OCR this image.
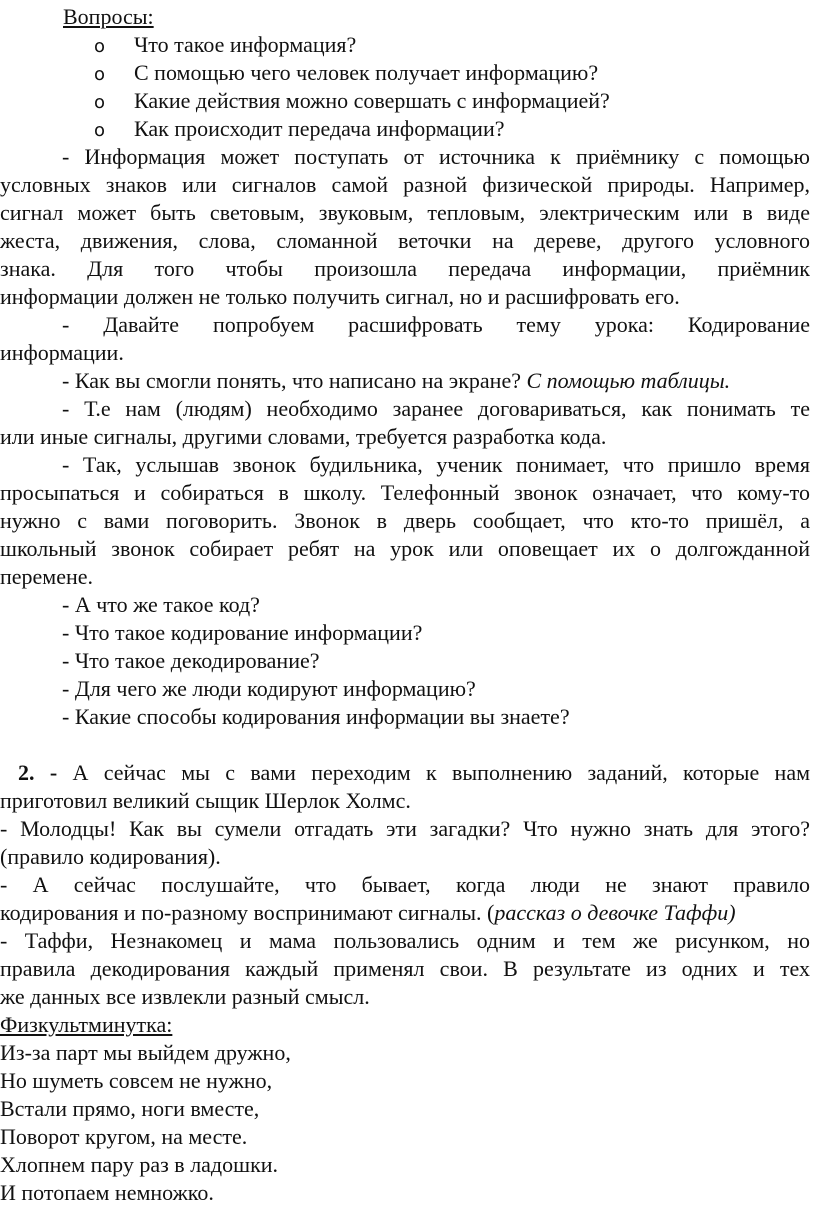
Вопросы:
o Что такое информация?
o С помощью чего человек получает информацию?
o Какие действия можно совершать с информацией?
o Как происходит передача информации?
- Информация может поступать от источника к приёмнику с помощью
условных знаков или сигналов самой разной физической природы. Например,
сигнал может быть световым, звуковым, тепловым, электрическим или в виде
жеста, движения, слова, сломанной веточки на дереве, другого условного
знака. Для того чтобы произошла передача информации, приёмник
информации должен не только получить сигнал, но и расшифровать его.
- Давайте попробуем расшифровать тему урока: Кодирование
информации.
- Как вы смогли понять, что написано на экране? С помощью таблицы.
- Т.е нам (людям) необходимо заранее договариваться, как понимать те
или иные сигналы, другими словами, требуется разработка кода.
- Так, услышав звонок будильника, ученик понимает, что пришло время
просыпаться и собираться в школу. Телефонный звонок означает, что кому-то
нужно с вами поговорить. Звонок в дверь сообщает, что кто-то пришёл, а
школьный звонок собирает ребят на урок или оповещает их о долгожданной
перемене.
- А что же такое код?
- Что такое кодирование информации?
- Что такое декодирование?
- Для чего же люди кодируют информацию?
- Какие способы кодирования информации вы знаете?
2. - А сейчас мы с вами переходим к выполнению заданий, которые нам
приготовил великий сыщик Шерлок Холмс.
- Молодцы! Как вы сумели отгадать эти загадки? Что нужно знать для этого?
(правило кодирования).
- А сейчас послушайте, что бывает, когда люди не знают правило
кодирования и по-разному воспринимают сигналы. (рассказ о девочке Таффи)
- Таффи, Незнакомец и мама пользовались одним и тем же рисунком, но
правила декодирования каждый применял свои. В результате из одних и тех
же данных все извлекли разный смысл.
Физкультминутка:
Из-за парт мы выйдем дружно,
Но шуметь совсем не нужно,
Встали прямо, ноги вместе,
Поворот кругом, на месте.
Хлопнем пару раз в ладошки.
И потопаем немножко.
